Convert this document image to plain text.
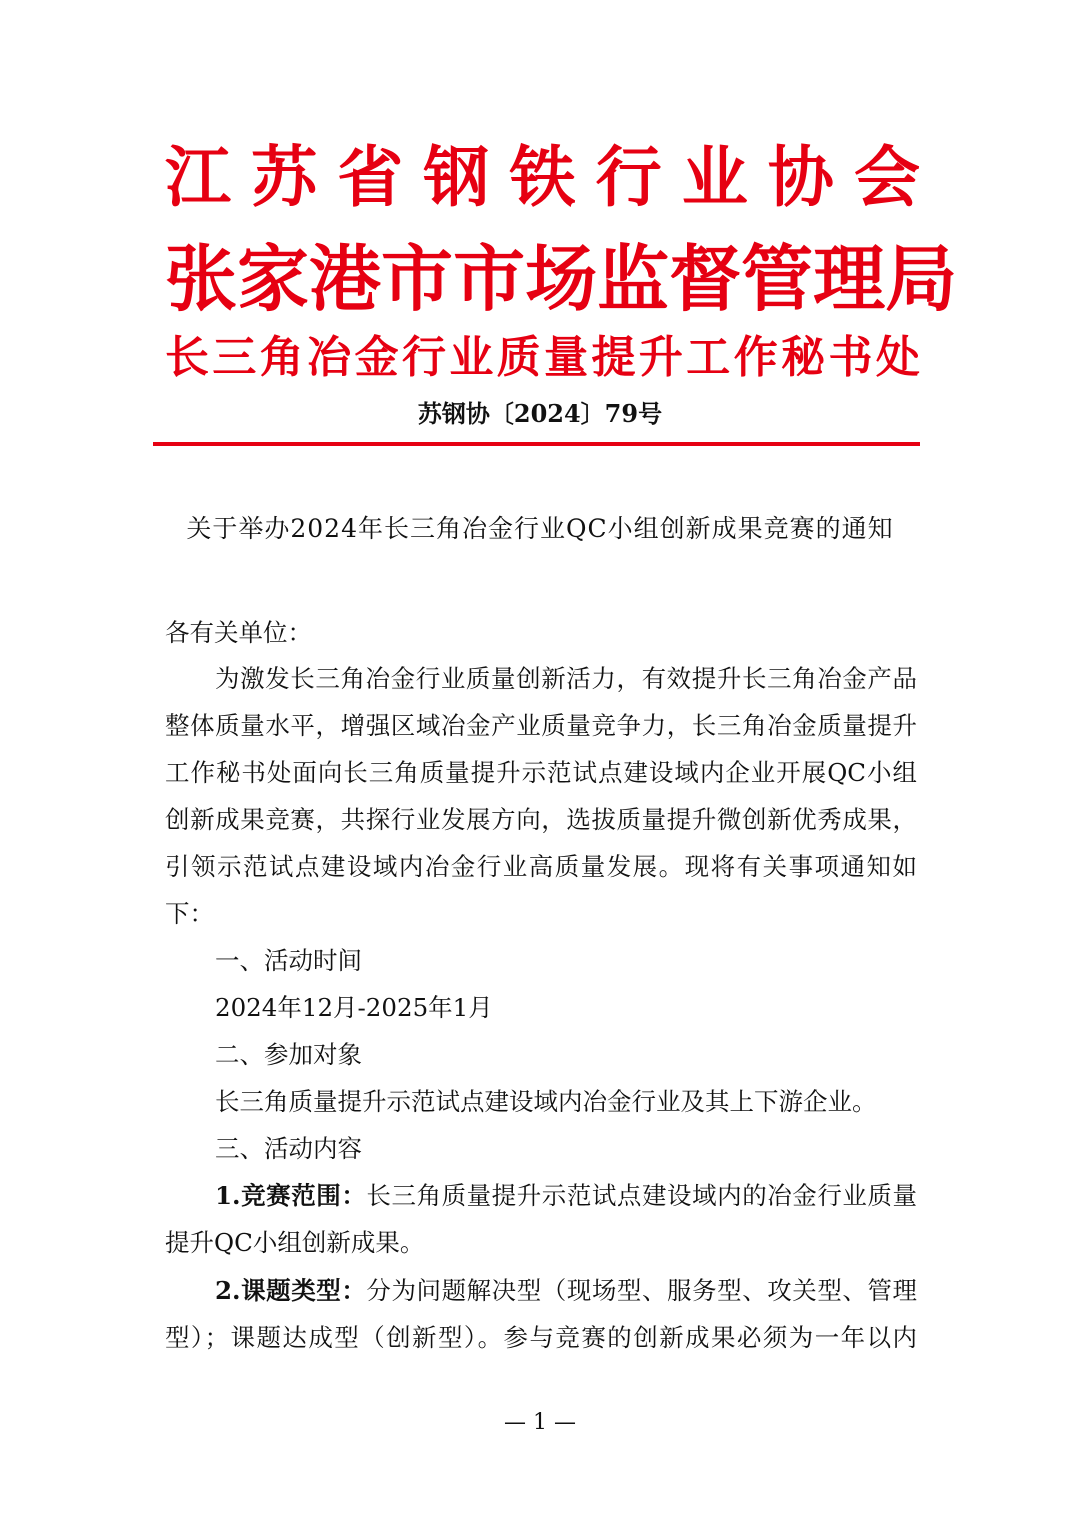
江 苏 省 钢 铁 行 业 协 会
张 家 港 市 市 场 监 督 管 理 局
长 三 角 冶 金 行 业 质 量 提 升 工 作 秘 书 处
苏钢协〔2024〕79号
关于举办2024年长三角冶金行业QC小组创新成果竞赛的通知
各有关单位：
为激发长三角冶金行业质量创新活力，有效提升长三角冶金产品
整体质量水平，增强区域冶金产业质量竞争力，长三角冶金质量提升
工作秘书处面向长三角质量提升示范试点建设域内企业开展QC小组
创新成果竞赛，共探行业发展方向，选拔质量提升微创新优秀成果，
引领示范试点建设域内冶金行业高质量发展。现将有关事项通知如
下：
一、活动时间
2024年12月-2025年1月
二、参加对象
长三角质量提升示范试点建设域内冶金行业及其上下游企业。
三、活动内容
1.竞赛范围：长三角质量提升示范试点建设域内的冶金行业质量
提升QC小组创新成果。
2.课题类型：分为问题解决型（现场型、服务型、攻关型、管理
型）；课题达成型（创新型）。参与竞赛的创新成果必须为一年以内
— 1 —
